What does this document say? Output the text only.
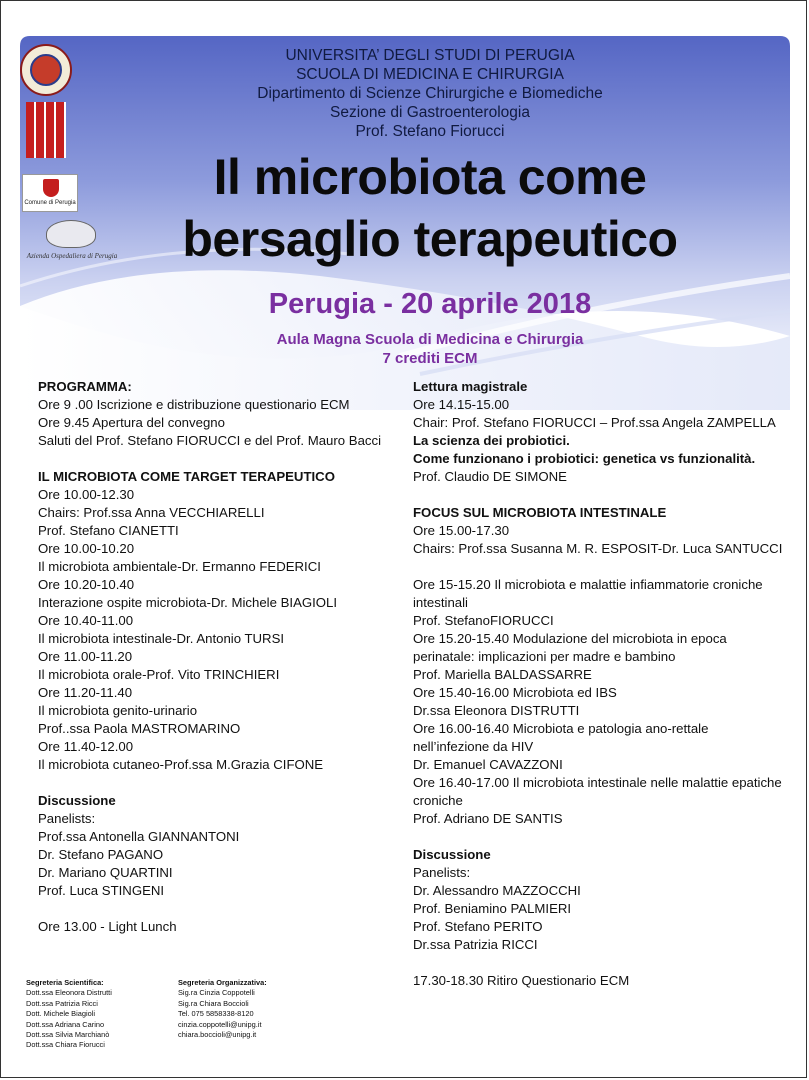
Comune di Perugia
Azienda Ospedaliera di Perugia
UNIVERSITA’ DEGLI STUDI DI PERUGIA
SCUOLA DI MEDICINA E CHIRURGIA
Dipartimento di Scienze Chirurgiche e Biomediche
Sezione di Gastroenterologia
Prof. Stefano Fiorucci
Il microbiota come
bersaglio terapeutico
Perugia - 20 aprile 2018
Aula Magna Scuola di Medicina e Chirurgia
7 crediti ECM

PROGRAMMA:

Ore 9 .00 Iscrizione e distribuzione questionario ECM

Ore 9.45 Apertura del convegno

Saluti del Prof. Stefano FIORUCCI e del Prof. Mauro Bacci

IL MICROBIOTA COME TARGET TERAPEUTICO

Ore 10.00-12.30

Chairs: Prof.ssa Anna VECCHIARELLI

Prof. Stefano CIANETTI

Ore 10.00-10.20

Il microbiota ambientale-Dr. Ermanno FEDERICI

Ore 10.20-10.40

Interazione ospite microbiota-Dr. Michele BIAGIOLI

Ore 10.40-11.00

Il microbiota intestinale-Dr. Antonio TURSI

Ore 11.00-11.20

Il microbiota orale-Prof. Vito TRINCHIERI

Ore 11.20-11.40

Il microbiota genito-urinario

Prof..ssa Paola MASTROMARINO

Ore 11.40-12.00

Il microbiota cutaneo-Prof.ssa M.Grazia CIFONE

Discussione

Panelists:

Prof.ssa Antonella GIANNANTONI

Dr. Stefano PAGANO

Dr. Mariano QUARTINI

Prof. Luca STINGENI

Ore 13.00 - Light Lunch

Lettura magistrale

Ore 14.15-15.00

Chair: Prof. Stefano FIORUCCI – Prof.ssa Angela ZAMPELLA

La scienza dei probiotici.

Come funzionano i probiotici: genetica vs funzionalità.

Prof. Claudio DE SIMONE

FOCUS SUL MICROBIOTA INTESTINALE

Ore 15.00-17.30

Chairs: Prof.ssa Susanna M. R. ESPOSIT-Dr. Luca SANTUCCI

Ore 15-15.20 Il microbiota e malattie infiammatorie croniche intestinali

Prof. StefanoFIORUCCI

Ore 15.20-15.40 Modulazione del microbiota in epoca perinatale: implicazioni per madre e bambino

Prof. Mariella BALDASSARRE

Ore 15.40-16.00 Microbiota ed IBS

Dr.ssa Eleonora DISTRUTTI

Ore 16.00-16.40 Microbiota e patologia ano-rettale nell’infezione da HIV

Dr. Emanuel CAVAZZONI

Ore 16.40-17.00 Il microbiota intestinale nelle malattie epatiche croniche

Prof. Adriano DE SANTIS

Discussione

Panelists:

Dr. Alessandro MAZZOCCHI

Prof. Beniamino PALMIERI

Prof. Stefano PERITO

Dr.ssa Patrizia RICCI

17.30-18.30 Ritiro Questionario ECM

Segreteria Scientifica:

Dott.ssa Eleonora Distrutti

Dott.ssa Patrizia Ricci

Dott. Michele Biagioli

Dott.ssa Adriana Carino

Dott.ssa Silvia Marchianò

Dott.ssa Chiara Fiorucci

Segreteria Organizzativa:

Sig.ra Cinzia Coppotelli

Sig.ra Chiara Boccioli

Tel. 075 5858338-8120

cinzia.coppotelli@unipg.it

chiara.boccioli@unipg.it
